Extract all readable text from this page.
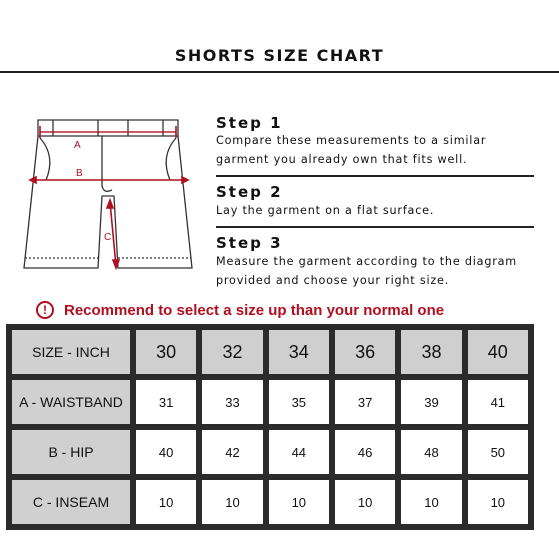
SHORTS SIZE CHART
A
B
C
Step 1
Compare these measurements to a similar garment you already own that fits well.
Step 2
Lay the garment on a flat surface.
Step 3
Measure the garment according to the diagram provided and choose your right size.
!	Recommend to select a size up than your normal one
SIZE - INCH	30	32	34	36	38	40
A - WAISTBAND	31	33	35	37	39	41
B - HIP	40	42	44	46	48	50
C - INSEAM	10	10	10	10	10	10
